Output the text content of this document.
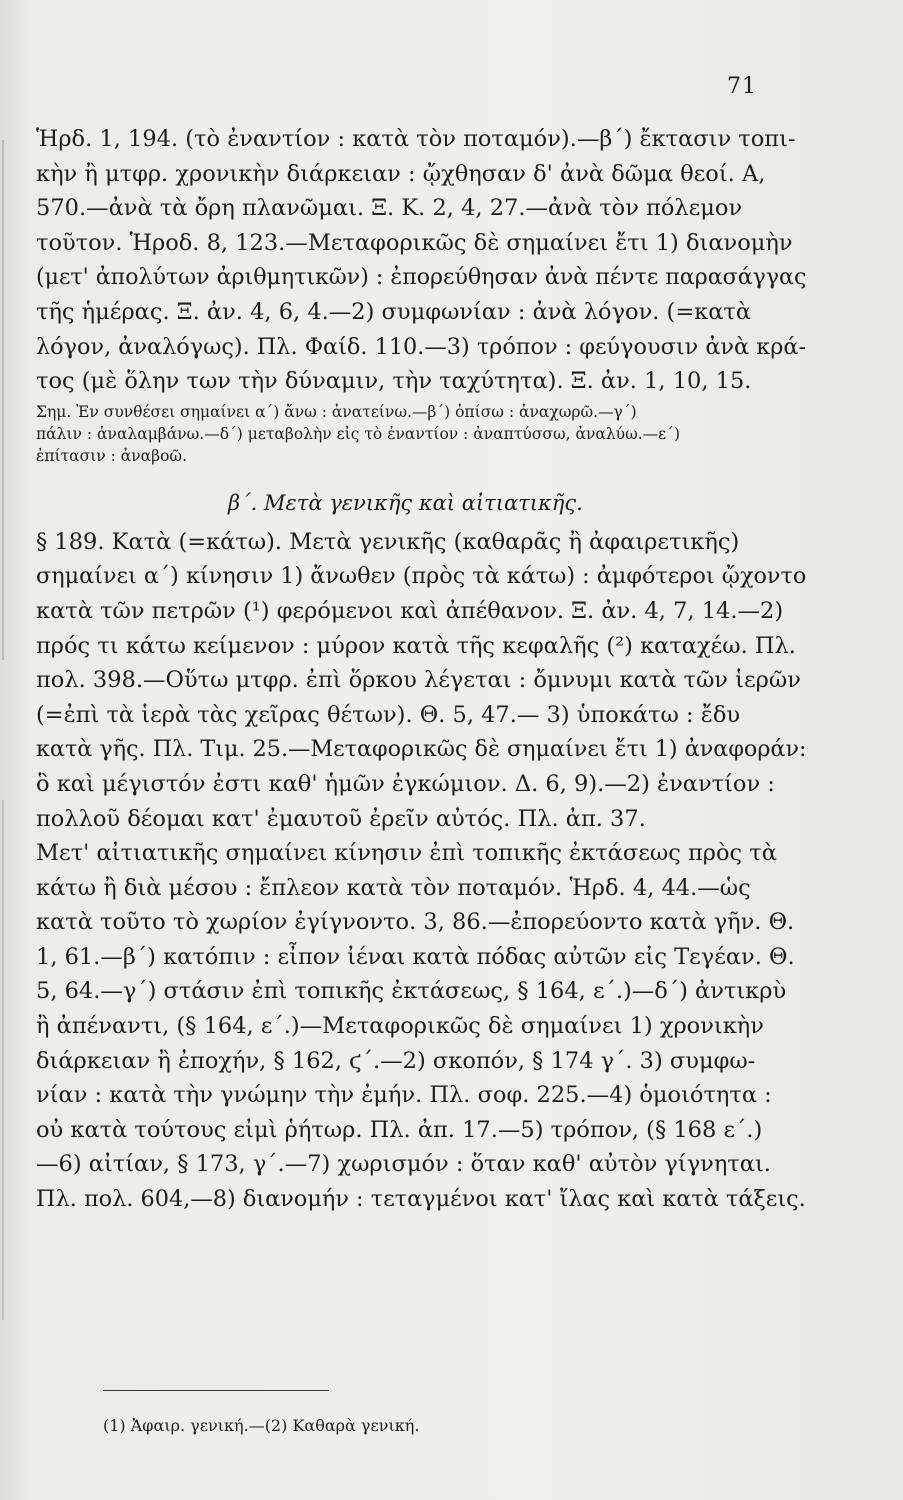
71
Ἡρδ. 1, 194. (τὸ ἐναντίον : κατὰ τὸν ποταμόν).—β΄) ἔκτασιν τοπι-
κὴν ἢ μτφρ. χρονικὴν διάρκειαν : ᾤχθησαν δ' ἀνὰ δῶμα θεοί. Α,
570.—ἀνὰ τὰ ὄρη πλανῶμαι. Ξ. Κ. 2, 4, 27.—ἀνὰ τὸν πόλεμον
τοῦτον. Ἡροδ. 8, 123.—Μεταφορικῶς δὲ σημαίνει ἔτι 1) διανομὴν
(μετ' ἀπολύτων ἀριθμητικῶν) : ἐπορεύθησαν ἀνὰ πέντε παρασάγγας
τῆς ἡμέρας. Ξ. ἀν. 4, 6, 4.—2) συμφωνίαν : ἀνὰ λόγον. (=κατὰ
λόγον, ἀναλόγως). Πλ. Φαίδ. 110.—3) τρόπον : φεύγουσιν ἀνὰ κρά-
τος (μὲ ὅλην των τὴν δύναμιν, τὴν ταχύτητα). Ξ. ἀν. 1, 10, 15.
Σημ. Ἐν συνθέσει σημαίνει α΄) ἄνω : ἀνατείνω.—β΄) ὀπίσω : ἀναχωρῶ.—γ΄)
πάλιν : ἀναλαμβάνω.—δ΄) μεταβολὴν εἰς τὸ ἐναντίον : ἀναπτύσσω, ἀναλύω.—ε΄)
ἐπίτασιν : ἀναβοῶ.
β΄. Μετὰ γενικῆς καὶ αἰτιατικῆς.
§ 189. Κατὰ (=κάτω). Μετὰ γενικῆς (καθαρᾶς ἢ ἀφαιρετικῆς)
σημαίνει α΄) κίνησιν 1) ἄνωθεν (πρὸς τὰ κάτω) : ἀμφότεροι ᾤχοντο
κατὰ τῶν πετρῶν (¹) φερόμενοι καὶ ἀπέθανον. Ξ. ἀν. 4, 7, 14.—2)
πρός τι κάτω κείμενον : μύρον κατὰ τῆς κεφαλῆς (²) καταχέω. Πλ.
πολ. 398.—Οὕτω μτφρ. ἐπὶ ὅρκου λέγεται : ὄμνυμι κατὰ τῶν ἱερῶν
(=ἐπὶ τὰ ἱερὰ τὰς χεῖρας θέτων). Θ. 5, 47.— 3) ὑποκάτω : ἔδυ
κατὰ γῆς. Πλ. Τιμ. 25.—Μεταφορικῶς δὲ σημαίνει ἔτι 1) ἀναφοράν:
ὃ καὶ μέγιστόν ἐστι καθ' ἡμῶν ἐγκώμιον. Δ. 6, 9).—2) ἐναντίον :
πολλοῦ δέομαι κατ' ἐμαυτοῦ ἐρεῖν αὐτός. Πλ. ἀπ. 37.
Μετ' αἰτιατικῆς σημαίνει κίνησιν ἐπὶ τοπικῆς ἐκτάσεως πρὸς τὰ
κάτω ἢ διὰ μέσου : ἔπλεον κατὰ τὸν ποταμόν. Ἡρδ. 4, 44.—ὡς
κατὰ τοῦτο τὸ χωρίον ἐγίγνοντο. 3, 86.—ἐπορεύοντο κατὰ γῆν. Θ.
1, 61.—β΄) κατόπιν : εἶπον ἰέναι κατὰ πόδας αὐτῶν εἰς Τεγέαν. Θ.
5, 64.—γ΄) στάσιν ἐπὶ τοπικῆς ἐκτάσεως, § 164, ε΄.)—δ΄) ἀντικρὺ
ἢ ἀπέναντι, (§ 164, ε΄.)—Μεταφορικῶς δὲ σημαίνει 1) χρονικὴν
διάρκειαν ἢ ἐποχήν, § 162, ϛ΄.—2) σκοπόν, § 174 γ΄. 3) συμφω-
νίαν : κατὰ τὴν γνώμην τὴν ἐμήν. Πλ. σοφ. 225.—4) ὁμοιότητα :
οὐ κατὰ τούτους εἰμὶ ῥήτωρ. Πλ. ἀπ. 17.—5) τρόπον, (§ 168 ε΄.)
—6) αἰτίαν, § 173, γ΄.—7) χωρισμόν : ὅταν καθ' αὐτὸν γίγνηται.
Πλ. πολ. 604,—8) διανομήν : τεταγμένοι κατ' ἴλας καὶ κατὰ τάξεις.
(1) Ἀφαιρ. γενική.—(2) Καθαρὰ γενική.
